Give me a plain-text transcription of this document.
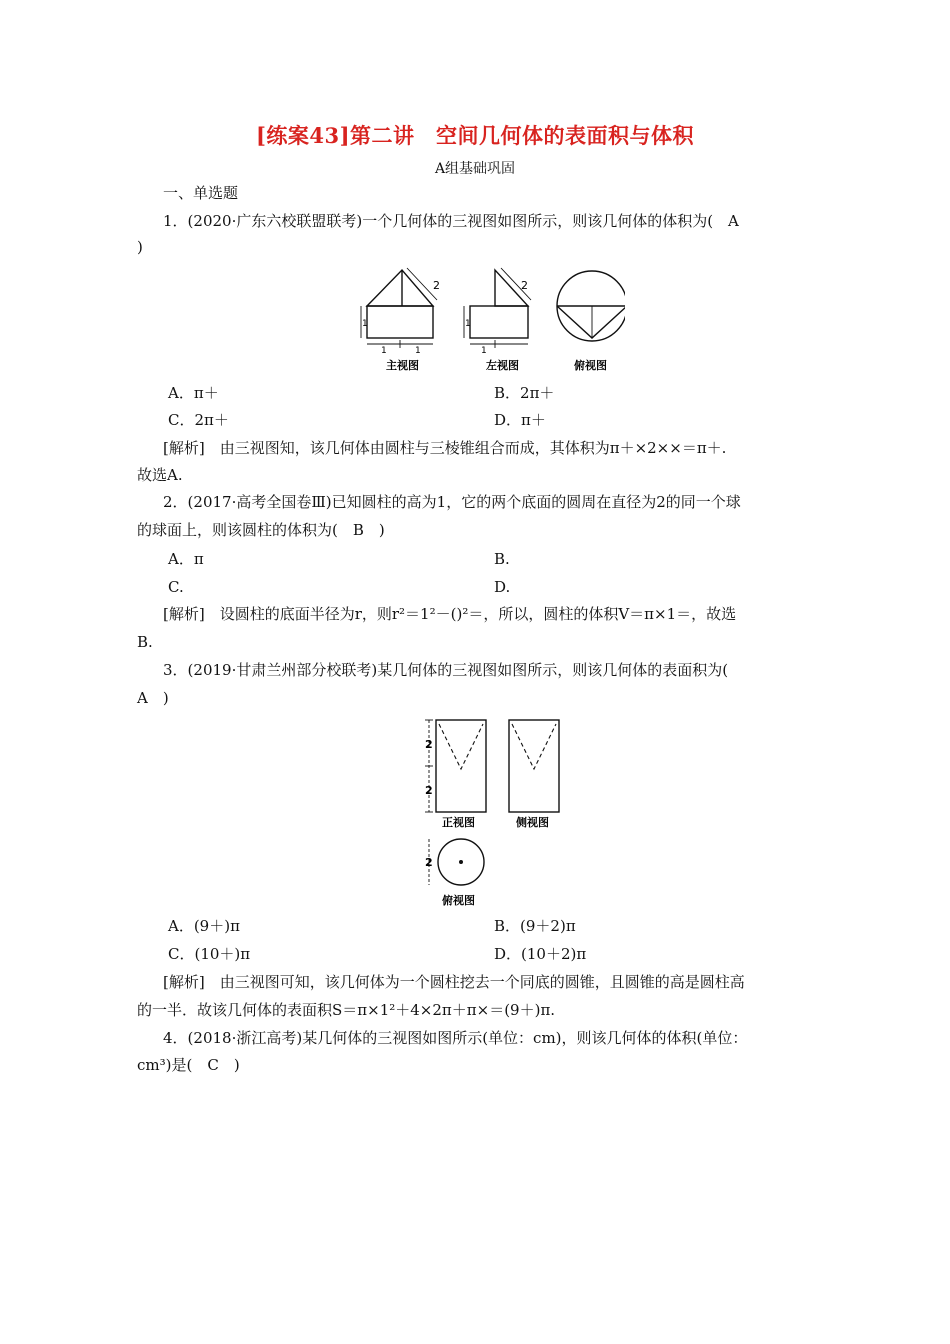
[练案43]第二讲　空间几何体的表面积与体积
A组基础巩固
一、单选题
1．(2020·广东六校联盟联考)一个几何体的三视图如图所示，则该几何体的体积为(　A
)
2	2
1	1
1	1	1
主视图	左视图	俯视图
A．π＋	B．2π＋
C．2π＋	D．π＋
[解析]　由三视图知，该几何体由圆柱与三棱锥组合而成，其体积为π＋×2××＝π＋.
故选A.
2．(2017·高考全国卷Ⅲ)已知圆柱的高为1，它的两个底面的圆周在直径为2的同一个球
的球面上，则该圆柱的体积为(　B　)
A．π	B.
C.	D.
[解析]　设圆柱的底面半径为r，则r²＝1²－()²＝，所以，圆柱的体积V＝π×1＝，故选
B.
3．(2019·甘肃兰州部分校联考)某几何体的三视图如图所示，则该几何体的表面积为(
A　)
2
2
2
正视图	侧视图
俯视图
A．(9＋)π	B．(9＋2)π
C．(10＋)π	D．(10＋2)π
[解析]　由三视图可知，该几何体为一个圆柱挖去一个同底的圆锥，且圆锥的高是圆柱高
的一半．故该几何体的表面积S＝π×1²＋4×2π＋π×＝(9＋)π.
4．(2018·浙江高考)某几何体的三视图如图所示(单位：cm)，则该几何体的体积(单位：
cm³)是(　C　)
